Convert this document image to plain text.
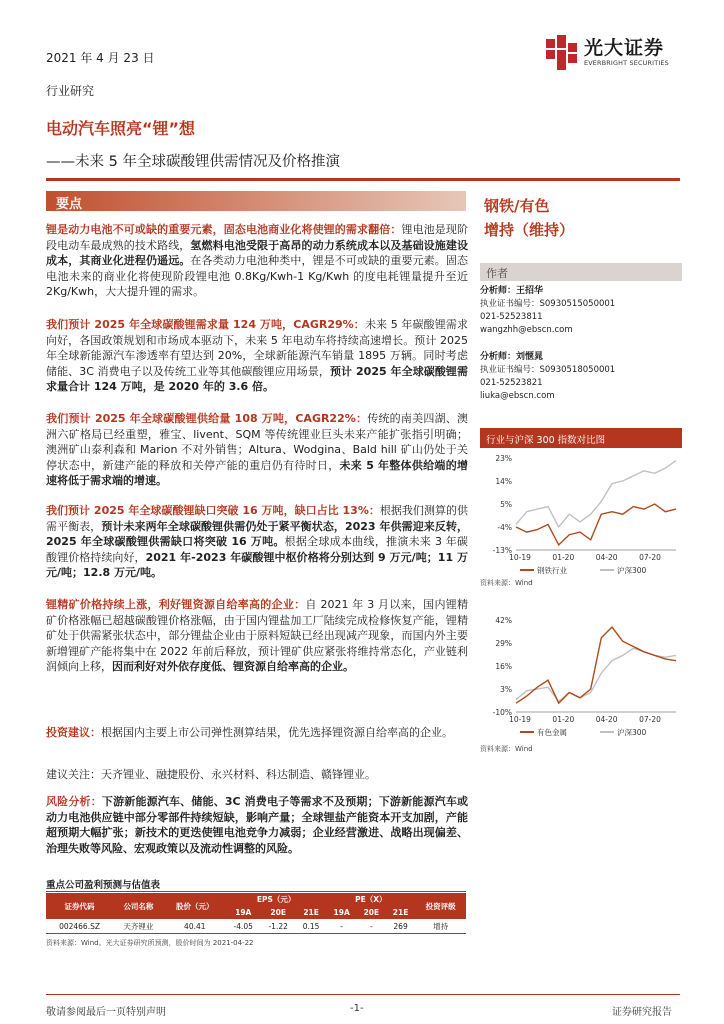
2021 年 4 月 23 日	光大证券
EVERBRIGHT SECURITIES
行业研究
电动汽车照亮“锂”想
——未来 5 年全球碳酸锂供需情况及价格推演
要点	钢铁/有色
增持（维持）
作者
分析师：王招华
执业证书编号：S0930515050001
021-52523811
wangzhh@ebscn.com
分析师：刘惬晁
执业证书编号：S0930518050001
021-52523821
liuka@ebscn.com
行业与沪深 300 指数对比图
23%
14%
5%
-4%
-13%
10-19	01-20	04-20	07-20
钢铁行业	沪深300
资料来源：Wind
42%
29%
16%
3%
-10%
10-19	01-20	04-20	07-20
有色金属	沪深300
资料来源：Wind

锂是动力电池不可或缺的重要元素，固态电池商业化将使锂的需求翻倍：锂电池是现阶段电动车最成熟的技术路线，氢燃料电池受限于高昂的动力系统成本以及基础设施建设成本，其商业化进程仍遥远。在各类动力电池种类中，锂是不可或缺的重要元素。固态电池未来的商业化将使现阶段锂电池 0.8Kg/Kwh-1 Kg/Kwh 的度电耗锂量提升至近 2Kg/Kwh，大大提升锂的需求。

我们预计 2025 年全球碳酸锂需求量 124 万吨，CAGR29%：未来 5 年碳酸锂需求向好，各国政策规划和市场成本驱动下，未来 5 年电动车将持续高速增长。预计 2025 年全球新能源汽车渗透率有望达到 20%，全球新能源汽车销量 1895 万辆。同时考虑储能、3C 消费电子以及传统工业等其他碳酸锂应用场景，预计 2025 年全球碳酸锂需求量合计 124 万吨，是 2020 年的 3.6 倍。

我们预计 2025 年全球碳酸锂供给量 108 万吨，CAGR22%：传统的南美四湖、澳洲六矿格局已经重塑，雅宝、livent、SQM 等传统锂业巨头未来产能扩张指引明确；澳洲矿山泰利森和 Marion 不对外销售；Altura、Wodgina、Bald hill 矿山仍处于关停状态中，新建产能的释放和关停产能的重启仍有待时日，未来 5 年整体供给端的增速将低于需求端的增速。

我们预计 2025 年全球碳酸锂缺口突破 16 万吨，缺口占比 13%：根据我们测算的供需平衡表，预计未来两年全球碳酸锂供需仍处于紧平衡状态，2023 年供需迎来反转，2025 年全球碳酸锂供需缺口将突破 16 万吨。根据全球成本曲线，推演未来 3 年碳酸锂价格持续向好，2021 年-2023 年碳酸锂中枢价格将分别达到 9 万元/吨；11 万元/吨；12.8 万元/吨。

锂精矿价格持续上涨，利好锂资源自给率高的企业：自 2021 年 3 月以来，国内锂精矿价格涨幅已超越碳酸锂价格涨幅，由于国内锂盐加工厂陆续完成检修恢复产能，锂精矿处于供需紧张状态中，部分锂盐企业由于原料短缺已经出现减产现象，而国内外主要新增锂矿产能将集中在 2022 年前后释放，预计锂矿供应紧张将维持常态化，产业链利润倾向上移，因而利好对外依存度低、锂资源自给率高的企业。

投资建议：根据国内主要上市公司弹性测算结果，优先选择锂资源自给率高的企业。

建议关注：天齐锂业、融捷股份、永兴材料、科达制造、赣锋锂业。

风险分析：下游新能源汽车、储能、3C 消费电子等需求不及预期；下游新能源汽车或动力电池供应链中部分零部件持续短缺，影响产量；全球锂盐产能资本开支加剧，产能超预期大幅扩张；新技术的更迭使锂电池竞争力减弱；企业经营激进、战略出现偏差、治理失败等风险、宏观政策以及流动性调整的风险。

重点公司盈利预测与估值表
证券代码	公司名称	股价（元）	EPS（元）			PE（X）			投资评级
			19A	20E	21E	19A	20E	21E	
002466.SZ	天齐锂业	40.41	-4.05	-1.22	0.15	-	-	269	增持
资料来源：Wind。光大证券研究所预测，股价时间为 2021-04-22
敬请参阅最后一页特别声明	-1-	证券研究报告
